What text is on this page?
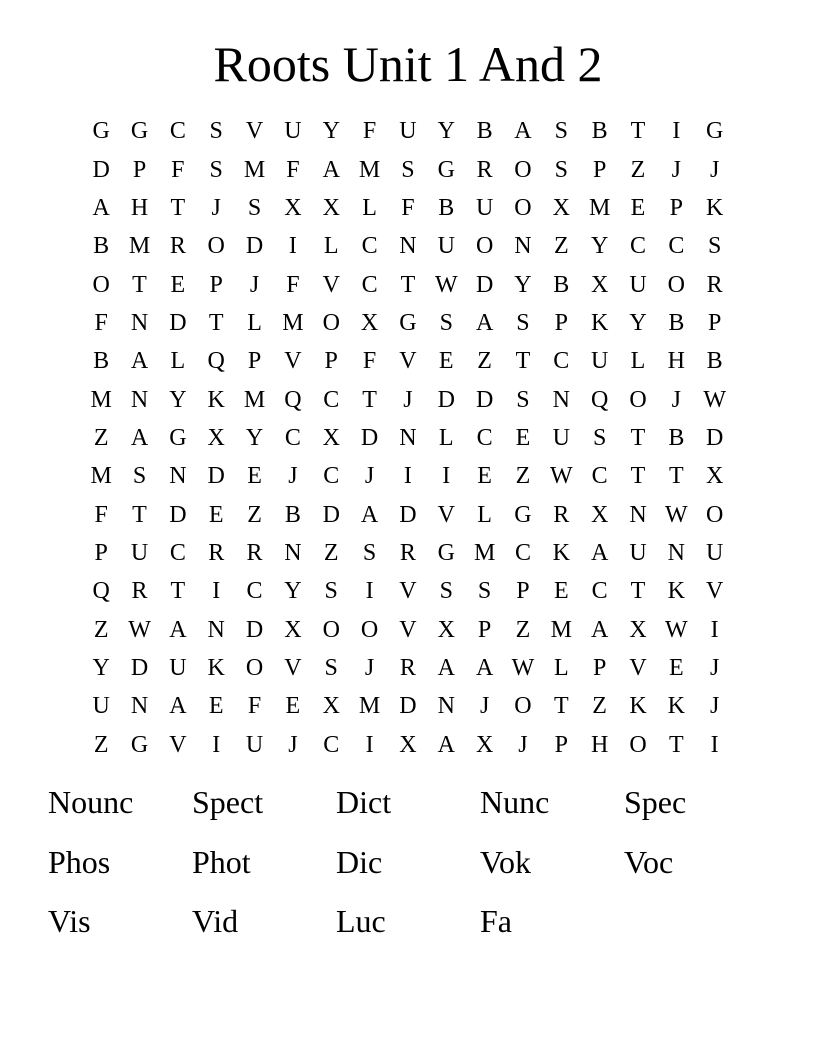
Roots Unit 1 And 2
G G C S V U Y F U Y B A S B T	I	G
D P	F	S M F A M S G R O S	P	Z	J	J
A H T	J	S X X L	F B U O X M E	P K
B M R O D	I	L C N U O N Z Y C C S
O T E	P	J	F V C T W D Y B X U O R
F N D T L M O X G S A S	P K Y B P
B A L Q P V P	F V E Z T C U L H B
M N Y K M Q C T	J	D D S N Q O	J W
Z A G X Y C X D N L C E U S	T B D
M S N D E	J	C	J	I	I	E Z W C T T X
F	T D E Z B D A D V L G R X N W O
P U C R R N Z	S R G M C K A U N U
Q R T	I	C Y S	I	V S	S	P	E C T K V
Z W A N D X O O V X P	Z M A X W I
Y D U K O V S	J	R A A W L	P V E	J
U N A E	F	E X M D N	J	O T Z K K	J
Z G V	I	U	J	C	I	X A X	J	P H O T	I
Nounc	Spect	Dict	Nunc	Spec
Phos	Phot	Dic	Vok	Voc
Vis	Vid	Luc	Fa
